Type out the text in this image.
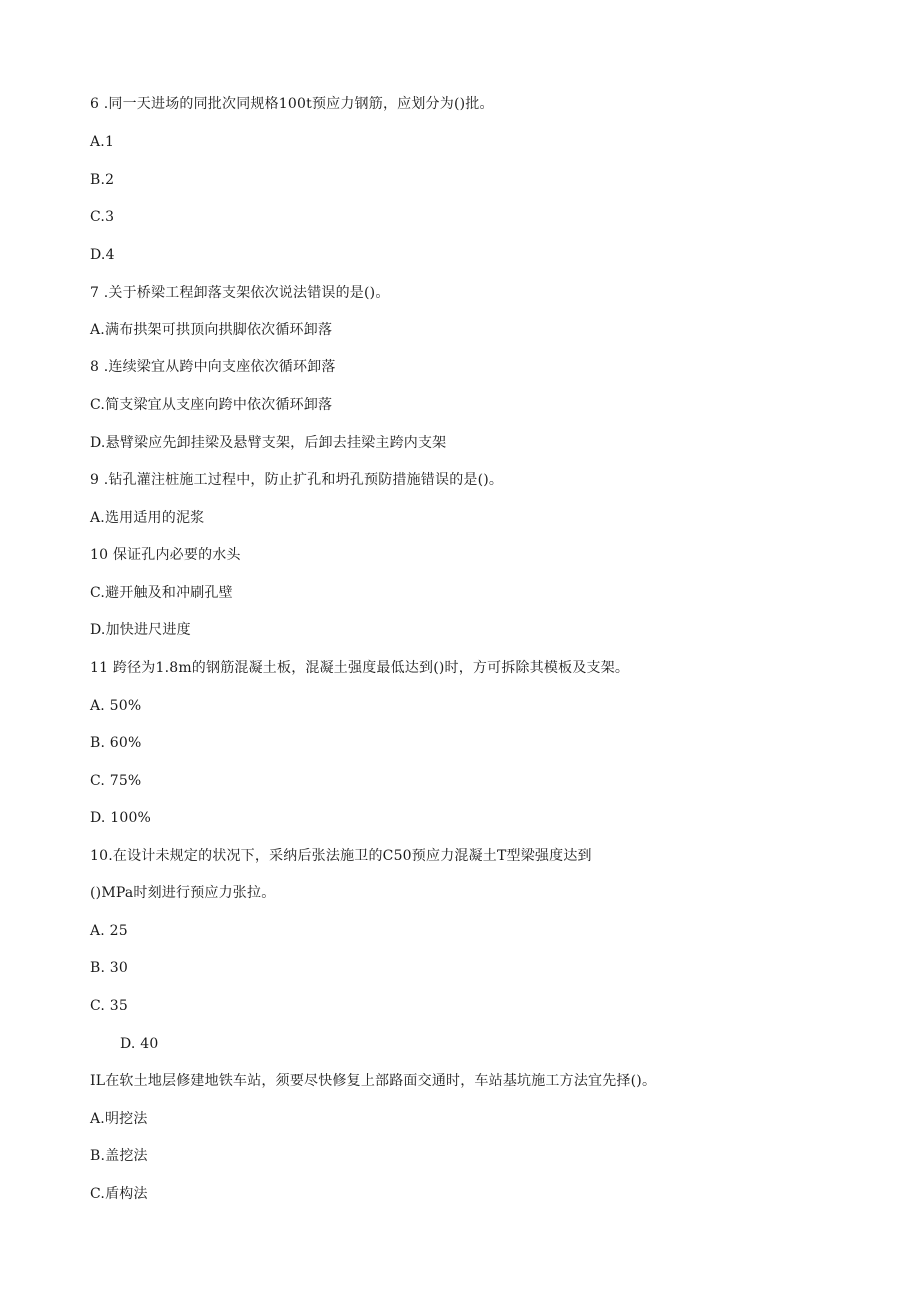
6 .同一天进场的同批次同规格100t预应力钢筋，应划分为()批。
A.1
B.2
C.3
D.4
7 .关于桥梁工程卸落支架依次说法错误的是()。
A.满布拱架可拱顶向拱脚依次循环卸落
8 .连续梁宜从跨中向支座依次循环卸落
C.简支梁宜从支座向跨中依次循环卸落
D.悬臂梁应先卸挂梁及悬臂支架，后卸去挂梁主跨内支架
9 .钻孔灌注桩施工过程中，防止扩孔和坍孔预防措施错误的是()。
A.选用适用的泥浆
10 保证孔内必要的水头
C.避开触及和冲刷孔壁
D.加快进尺进度
11 跨径为1.8m的钢筋混凝土板，混凝土强度最低达到()时，方可拆除其模板及支架。
A. 50%
B. 60%
C. 75%
D. 100%
10.在设计未规定的状况下，采纳后张法施卫的C50预应力混凝土T型梁强度达到
()MPa时刻进行预应力张拉。
A. 25
B. 30
C. 35
D. 40
IL在软土地层修建地铁车站，须要尽快修复上部路面交通时，车站基坑施工方法宜先择()。
A.明挖法
B.盖挖法
C.盾构法
